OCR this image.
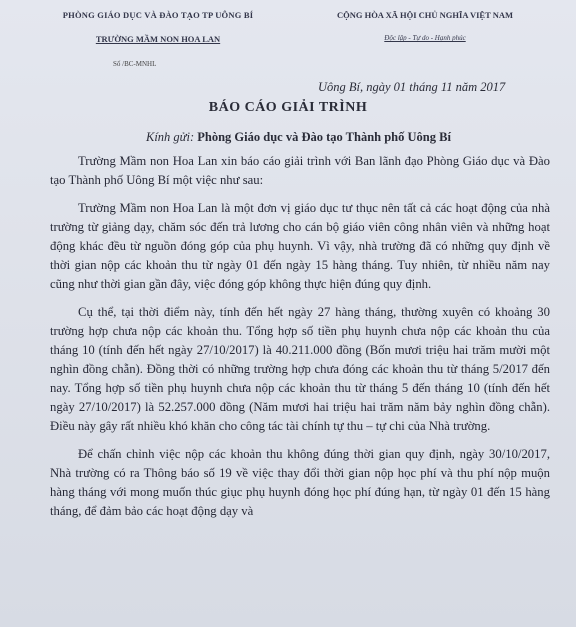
PHÒNG GIÁO DỤC VÀ ĐÀO TẠO TP UÔNG BÍ
TRƯỜNG MẦM NON HOA LAN
Số /BC-MNHL
CỘNG HÒA XÃ HỘI CHỦ NGHĨA VIỆT NAM
Độc lập - Tự do - Hạnh phúc
Uông Bí, ngày 01 tháng 11 năm 2017
BÁO CÁO GIẢI TRÌNH
Kính gửi: Phòng Giáo dục và Đào tạo Thành phố Uông Bí

Trường Mầm non Hoa Lan xin báo cáo giải trình với Ban lãnh đạo Phòng Giáo dục và Đào tạo Thành phố Uông Bí một việc như sau:

Trường Mầm non Hoa Lan là một đơn vị giáo dục tư thục nên tất cả các hoạt động của nhà trường từ giảng dạy, chăm sóc đến trả lương cho cán bộ giáo viên công nhân viên và những hoạt động khác đều từ nguồn đóng góp của phụ huynh. Vì vậy, nhà trường đã có những quy định về thời gian nộp các khoản thu từ ngày 01 đến ngày 15 hàng tháng. Tuy nhiên, từ nhiều năm nay cũng như thời gian gần đây, việc đóng góp không thực hiện đúng quy định.

Cụ thể, tại thời điểm này, tính đến hết ngày 27 hàng tháng, thường xuyên có khoảng 30 trường hợp chưa nộp các khoản thu. Tổng hợp số tiền phụ huynh chưa nộp các khoản thu của tháng 10 (tính đến hết ngày 27/10/2017) là 40.211.000 đồng (Bốn mươi triệu hai trăm mười một nghìn đồng chẵn). Đồng thời có những trường hợp chưa đóng các khoản thu từ tháng 5/2017 đến nay. Tổng hợp số tiền phụ huynh chưa nộp các khoản thu từ tháng 5 đến tháng 10 (tính đến hết ngày 27/10/2017) là 52.257.000 đồng (Năm mươi hai triệu hai trăm năm bảy nghìn đồng chẵn). Điều này gây rất nhiều khó khăn cho công tác tài chính tự thu – tự chi của Nhà trường.

Để chấn chỉnh việc nộp các khoản thu không đúng thời gian quy định, ngày 30/10/2017, Nhà trường có ra Thông báo số 19 về việc thay đổi thời gian nộp học phí và thu phí nộp muộn hàng tháng với mong muốn thúc giục phụ huynh đóng học phí đúng hạn, từ ngày 01 đến 15 hàng tháng, để đảm bảo các hoạt động dạy và
